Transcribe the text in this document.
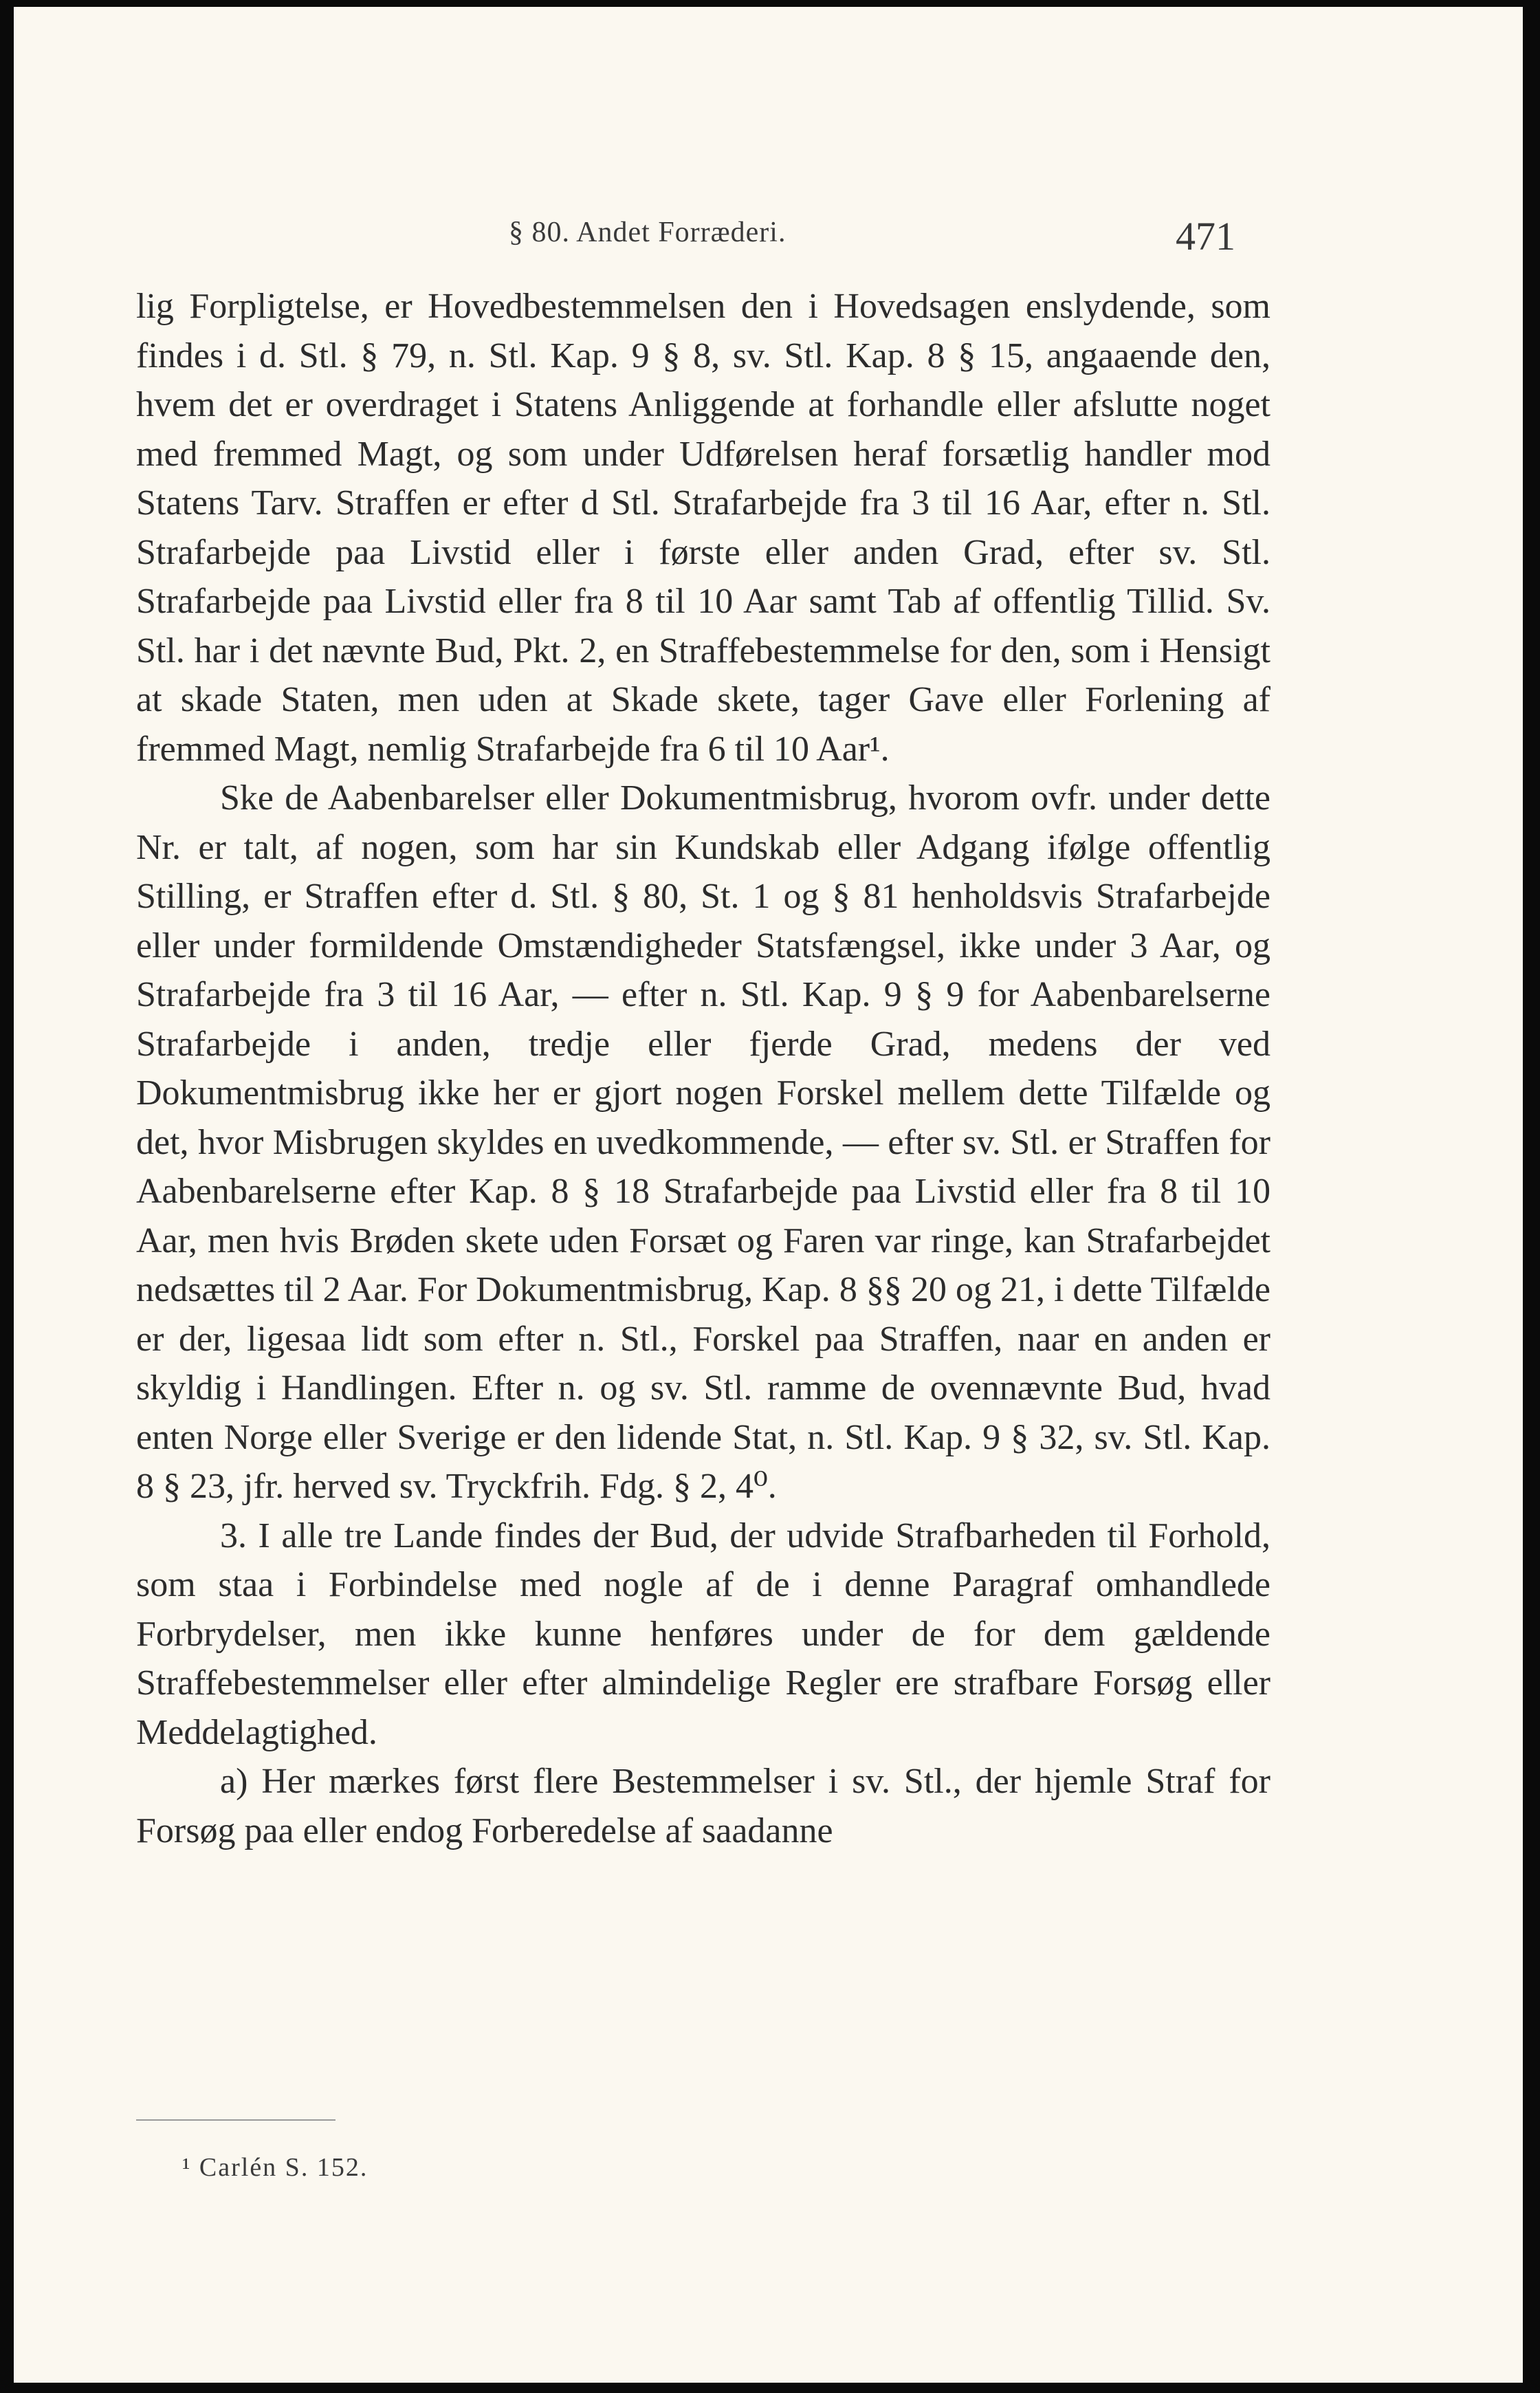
§ 80. Andet Forræderi.	471

lig Forpligtelse, er Hovedbestemmelsen den i Hovedsagen enslydende, som findes i d. Stl. § 79, n. Stl. Kap. 9 § 8, sv. Stl. Kap. 8 § 15, angaaende den, hvem det er overdraget i Statens Anliggende at forhandle eller afslutte noget med fremmed Magt, og som under Udførelsen heraf forsætlig handler mod Statens Tarv. Straffen er efter d Stl. Strafarbejde fra 3 til 16 Aar, efter n. Stl. Strafarbejde paa Livstid eller i første eller anden Grad, efter sv. Stl. Strafarbejde paa Livstid eller fra 8 til 10 Aar samt Tab af offentlig Tillid. Sv. Stl. har i det nævnte Bud, Pkt. 2, en Straffebestemmelse for den, som i Hensigt at skade Staten, men uden at Skade skete, tager Gave eller Forlening af fremmed Magt, nemlig Strafarbejde fra 6 til 10 Aar¹.

Ske de Aabenbarelser eller Dokumentmisbrug, hvorom ovfr. under dette Nr. er talt, af nogen, som har sin Kundskab eller Adgang ifølge offentlig Stilling, er Straffen efter d. Stl. § 80, St. 1 og § 81 henholdsvis Strafarbejde eller under formildende Omstændigheder Statsfængsel, ikke under 3 Aar, og Strafarbejde fra 3 til 16 Aar, — efter n. Stl. Kap. 9 § 9 for Aabenbarelserne Strafarbejde i anden, tredje eller fjerde Grad, medens der ved Dokumentmisbrug ikke her er gjort nogen Forskel mellem dette Tilfælde og det, hvor Misbrugen skyldes en uvedkommende, — efter sv. Stl. er Straffen for Aabenbarelserne efter Kap. 8 § 18 Strafarbejde paa Livstid eller fra 8 til 10 Aar, men hvis Brøden skete uden Forsæt og Faren var ringe, kan Strafarbejdet nedsættes til 2 Aar. For Dokumentmisbrug, Kap. 8 §§ 20 og 21, i dette Tilfælde er der, ligesaa lidt som efter n. Stl., Forskel paa Straffen, naar en anden er skyldig i Handlingen. Efter n. og sv. Stl. ramme de ovennævnte Bud, hvad enten Norge eller Sverige er den lidende Stat, n. Stl. Kap. 9 § 32, sv. Stl. Kap. 8 § 23, jfr. herved sv. Tryckfrih. Fdg. § 2, 4⁰.

3. I alle tre Lande findes der Bud, der udvide Strafbarheden til Forhold, som staa i Forbindelse med nogle af de i denne Paragraf omhandlede Forbrydelser, men ikke kunne henføres under de for dem gældende Straffebestemmelser eller efter almindelige Regler ere strafbare Forsøg eller Meddelagtighed.

a) Her mærkes først flere Bestemmelser i sv. Stl., der hjemle Straf for Forsøg paa eller endog Forberedelse af saadanne

¹ Carlén S. 152.
